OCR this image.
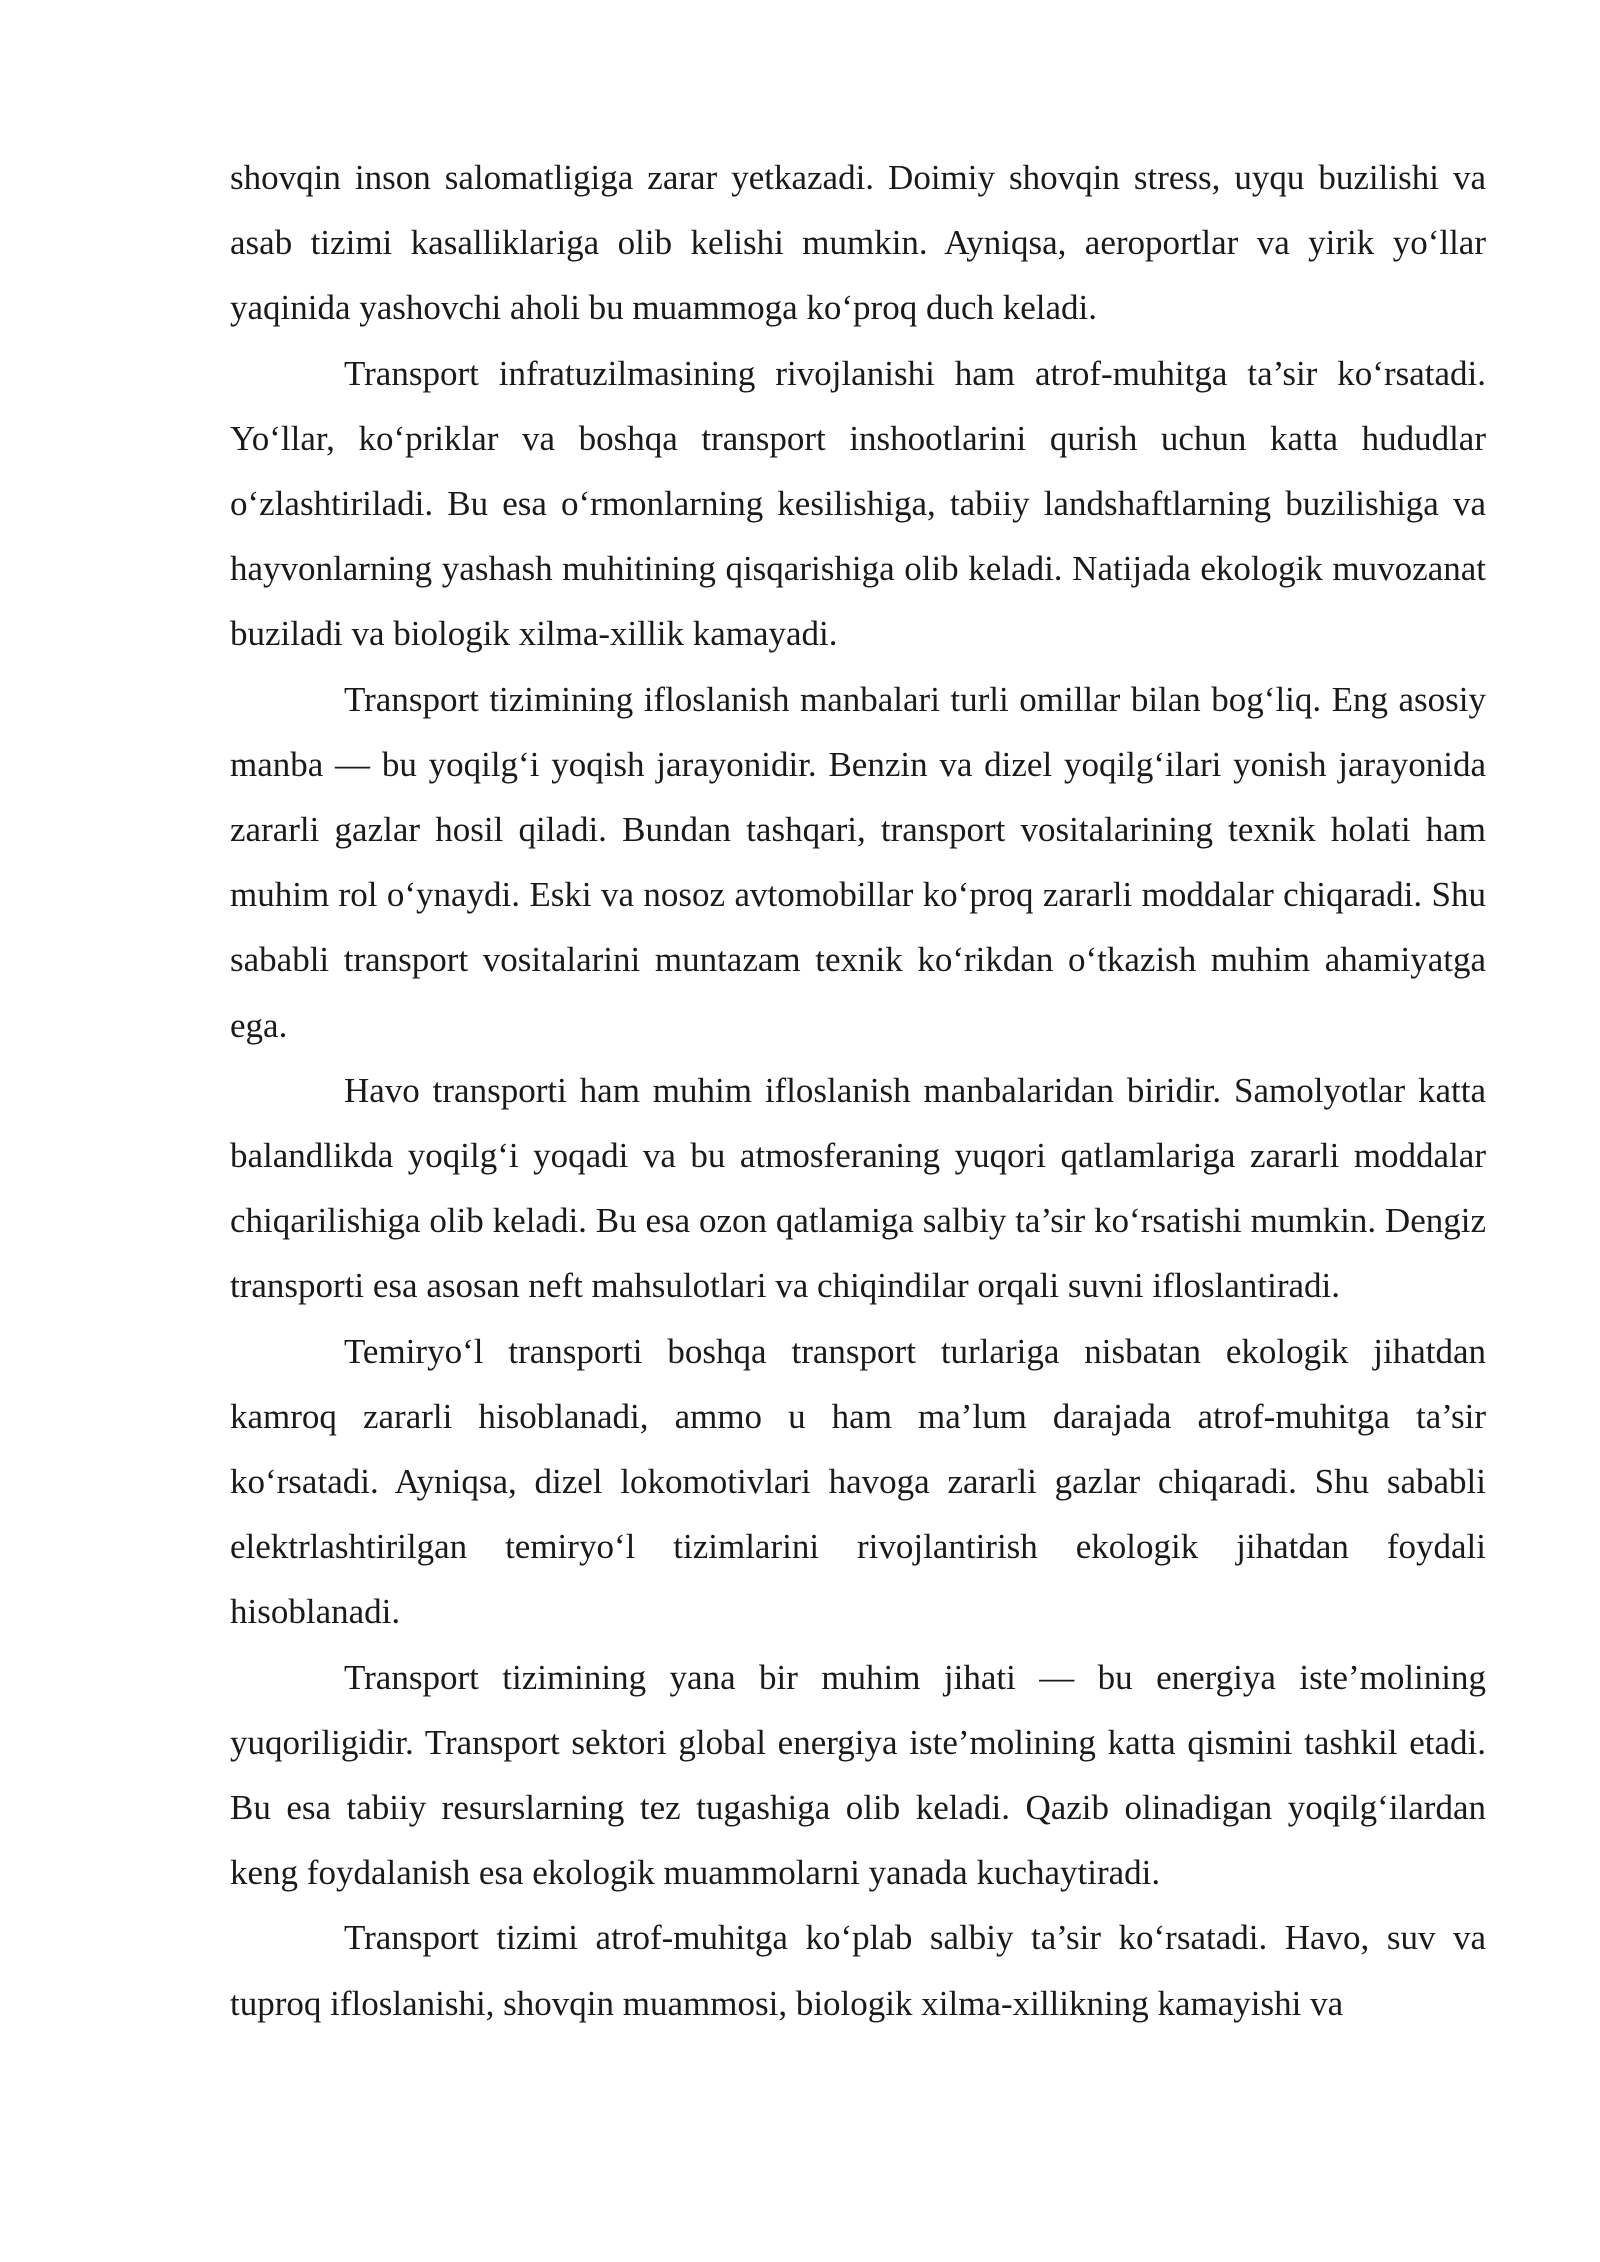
shovqin inson salomatligiga zarar yetkazadi. Doimiy shovqin stress, uyqu buzilishi va asab tizimi kasalliklariga olib kelishi mumkin. Ayniqsa, aeroportlar va yirik yo‘llar yaqinida yashovchi aholi bu muammoga ko‘proq duch keladi.

Transport infratuzilmasining rivojlanishi ham atrof-muhitga ta’sir ko‘rsatadi. Yo‘llar, ko‘priklar va boshqa transport inshootlarini qurish uchun katta hududlar o‘zlashtiriladi. Bu esa o‘rmonlarning kesilishiga, tabiiy landshaftlarning buzilishiga va hayvonlarning yashash muhitining qisqarishiga olib keladi. Natijada ekologik muvozanat buziladi va biologik xilma-xillik kamayadi.

Transport tizimining ifloslanish manbalari turli omillar bilan bog‘liq. Eng asosiy manba — bu yoqilg‘i yoqish jarayonidir. Benzin va dizel yoqilg‘ilari yonish jarayonida zararli gazlar hosil qiladi. Bundan tashqari, transport vositalarining texnik holati ham muhim rol o‘ynaydi. Eski va nosoz avtomobillar ko‘proq zararli moddalar chiqaradi. Shu sababli transport vositalarini muntazam texnik ko‘rikdan o‘tkazish muhim ahamiyatga ega.

Havo transporti ham muhim ifloslanish manbalaridan biridir. Samolyotlar katta balandlikda yoqilg‘i yoqadi va bu atmosferaning yuqori qatlamlariga zararli moddalar chiqarilishiga olib keladi. Bu esa ozon qatlamiga salbiy ta’sir ko‘rsatishi mumkin. Dengiz transporti esa asosan neft mahsulotlari va chiqindilar orqali suvni ifloslantiradi.

Temiryo‘l transporti boshqa transport turlariga nisbatan ekologik jihatdan kamroq zararli hisoblanadi, ammo u ham ma’lum darajada atrof-muhitga ta’sir ko‘rsatadi. Ayniqsa, dizel lokomotivlari havoga zararli gazlar chiqaradi. Shu sababli elektrlashtirilgan temiryo‘l tizimlarini rivojlantirish ekologik jihatdan foydali hisoblanadi.

Transport tizimining yana bir muhim jihati — bu energiya iste’molining yuqoriligidir. Transport sektori global energiya iste’molining katta qismini tashkil etadi. Bu esa tabiiy resurslarning tez tugashiga olib keladi. Qazib olinadigan yoqilg‘ilardan keng foydalanish esa ekologik muammolarni yanada kuchaytiradi.

Transport tizimi atrof-muhitga ko‘plab salbiy ta’sir ko‘rsatadi. Havo, suv va tuproq ifloslanishi, shovqin muammosi, biologik xilma-xillikning kamayishi va
